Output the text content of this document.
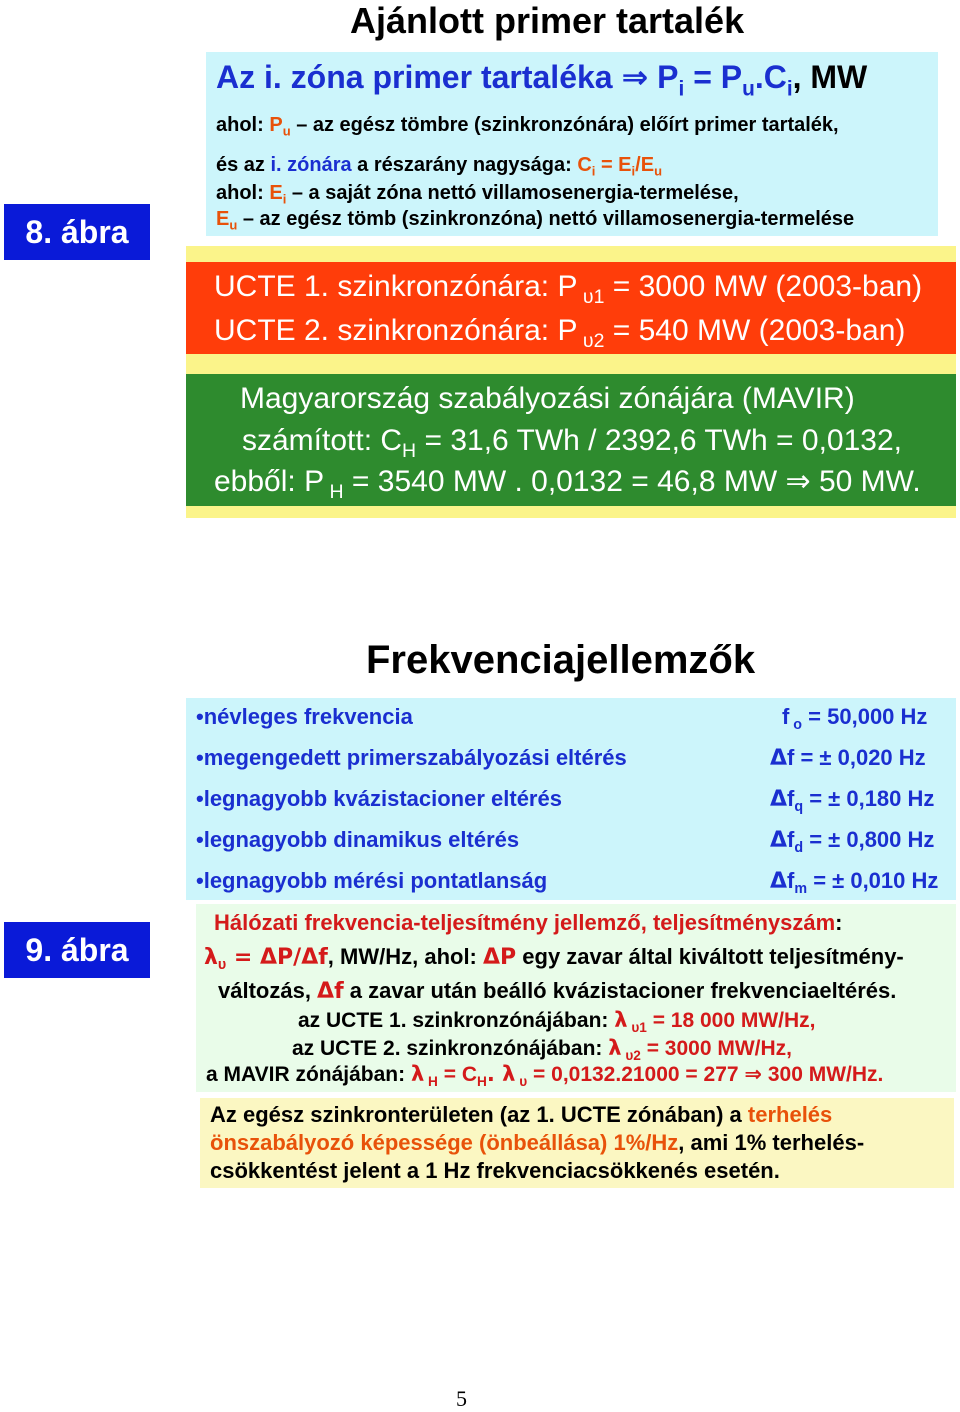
Ajánlott primer tartalék
8. ábra
Az i. zóna primer tartaléka ⇒ $P_i = P_u.C_i$, MW
ahol: $P_u$ – az egész tömbre (szinkronzónára) előírt primer tartalék,
és az i. zónára a részarány nagysága: $C_i = E_i/E_u$
ahol: $E_i$ – a saját zóna nettó villamosenergia-termelése,
$E_u$ – az egész tömb (szinkronzóna) nettó villamosenergia-termelése
UCTE 1. szinkronzónára: P $_{\upsilon 1}$ = 3000 MW (2003-ban)
UCTE 2. szinkronzónára: P $_{\upsilon 2}$ = 540 MW (2003-ban)
Magyarország szabályozási zónájára (MAVIR)
számított: $C_H = 31,6$ TWh / 2392,6 TWh = 0,0132,
ebből: P $_H$ = 3540 MW . 0,0132 = 46,8 MW ⇒ 50 MW.
Frekvenciajellemzők
9. ábra
•névleges frekvencia
•megengedett primerszabályozási eltérés
•legnagyobb kvázistacioner eltérés
•legnagyobb dinamikus eltérés
•legnagyobb mérési pontatlanság
f $_o$ = 50,000 Hz
Δf = ± 0,020 Hz
$\Delta f_q$ = ± 0,180 Hz
$\Delta f_d$ = ± 0,800 Hz
$\Delta f_m$ = ± 0,010 Hz
Hálózati frekvencia-teljesítmény jellemző, teljesítményszám:
$\lambda_\upsilon = \Delta P/\Delta f$, MW/Hz, ahol: ΔP egy zavar által kiváltott teljesítmény-
változás, Δf a zavar után beálló kvázistacioner frekvenciaeltérés.
az UCTE 1. szinkronzónájában: λ $_{\upsilon 1}$ = 18 000 MW/Hz,
az UCTE 2. szinkronzónájában: λ $_{\upsilon 2}$ = 3000 MW/Hz,
a MAVIR zónájában: λ $_H = C_H$. λ $_\upsilon$ = 0,0132.21000 = 277 ⇒ 300 MW/Hz.
Az egész szinkronterületen (az 1. UCTE zónában) a terhelés
önszabályozó képessége (önbeállása) 1%/Hz, ami 1% terhelés-
csökkentést jelent a 1 Hz frekvenciacsökkenés esetén.
5
